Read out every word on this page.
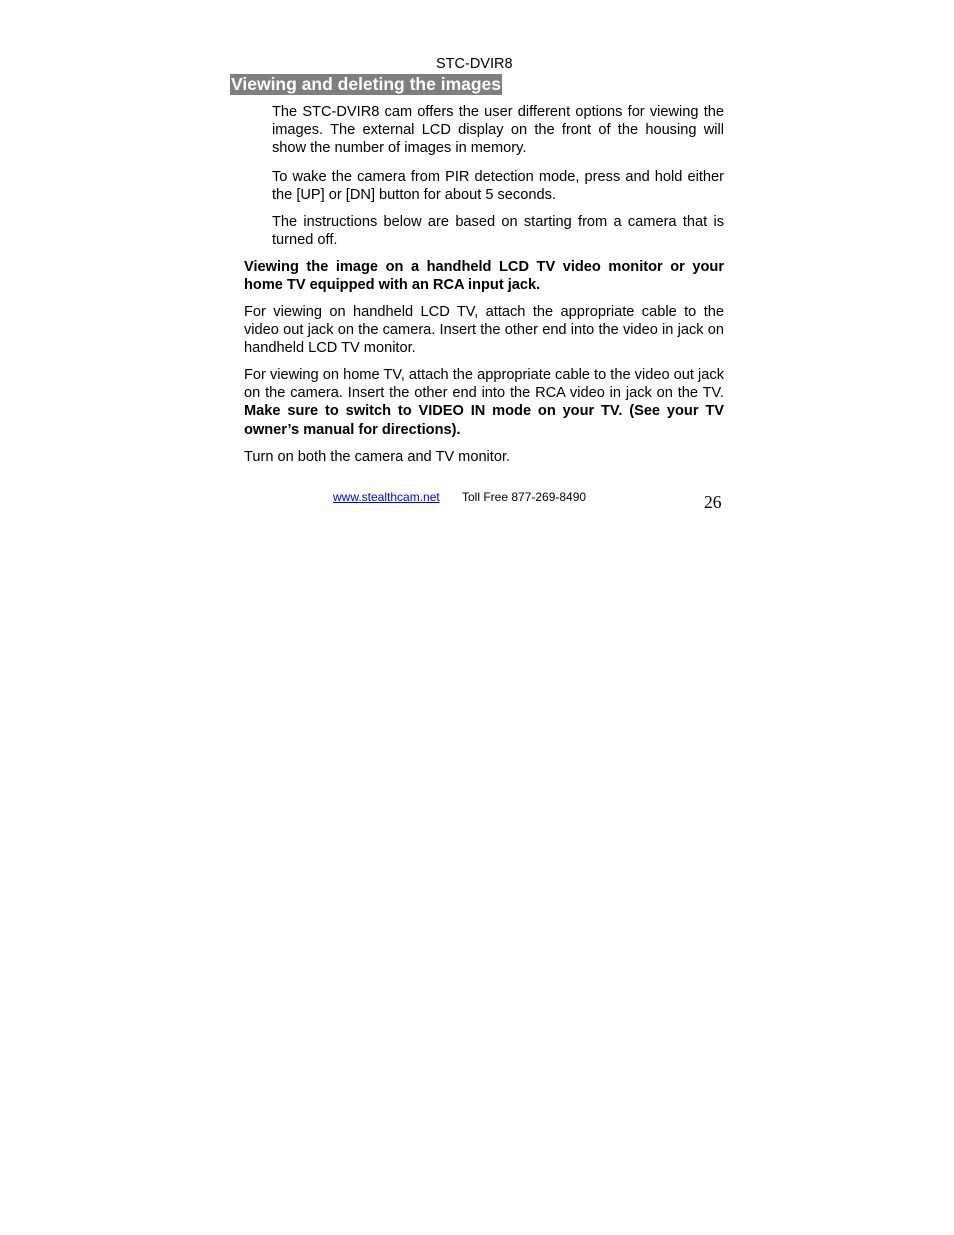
STC-DVIR8
Viewing and deleting the images

The STC-DVIR8 cam offers the user different options for viewing the images. The external LCD display on the front of the housing will show the number of images in memory.

To wake the camera from PIR detection mode, press and hold either the [UP] or [DN] button for about 5 seconds.

The instructions below are based on starting from a camera that is turned off.

Viewing the image on a handheld LCD TV video monitor or your home TV equipped with an RCA input jack.

For viewing on handheld LCD TV, attach the appropriate cable to the video out jack on the camera. Insert the other end into the video in jack on handheld LCD TV monitor.

For viewing on home TV, attach the appropriate cable to the video out jack on the camera. Insert the other end into the RCA video in jack on the TV. Make sure to switch to VIDEO IN mode on your TV. (See your TV owner’s manual for directions).

Turn on both the camera and TV monitor.

www.stealthcam.net Toll Free 877-269-8490	26
